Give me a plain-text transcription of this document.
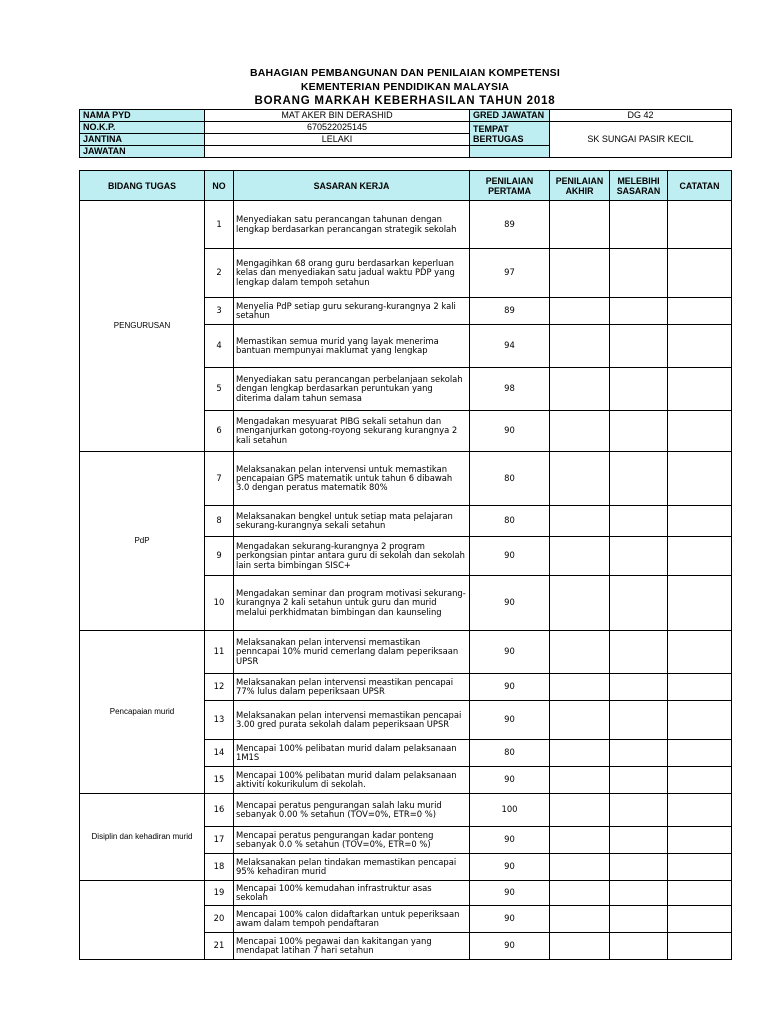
BAHAGIAN PEMBANGUNAN DAN PENILAIAN KOMPETENSI
KEMENTERIAN PENDIDIKAN MALAYSIA
BORANG MARKAH KEBERHASILAN TAHUN 2018
NAMA PYD	MAT AKER BIN DERASHID	GRED JAWATAN	DG 42
NO.K.P.	670522025145	TEMPAT BERTUGAS	SK SUNGAI PASIR KECIL
JANTINA	LELAKI		
JAWATAN			
BIDANG TUGAS	NO	SASARAN KERJA	PENILAIAN PERTAMA	PENILAIAN AKHIR	MELEBIHI SASARAN	CATATAN
PENGURUSAN	1	Menyediakan satu perancangan tahunan dengan lengkap berdasarkan perancangan strategik sekolah	89			
	2	Mengagihkan 68 orang guru berdasarkan keperluan kelas dan menyediakan satu jadual waktu PDP yang lengkap dalam tempoh setahun	97			
	3	Menyelia PdP setiap guru sekurang-kurangnya 2 kali setahun	89			
	4	Memastikan semua murid yang layak menerima bantuan mempunyai maklumat yang lengkap	94			
	5	Menyediakan satu perancangan perbelanjaan sekolah dengan lengkap berdasarkan peruntukan yang diterima dalam tahun semasa	98			
	6	Mengadakan mesyuarat PIBG sekali setahun dan menganjurkan gotong-royong sekurang kurangnya 2 kali setahun	90			
PdP	7	Melaksanakan pelan intervensi untuk memastikan pencapaian GPS matematik untuk tahun 6 dibawah 3.0 dengan peratus matematik 80%	80			
	8	Melaksanakan bengkel untuk setiap mata pelajaran sekurang-kurangnya sekali setahun	80			
	9	Mengadakan sekurang-kurangnya 2 program perkongsian pintar antara guru di sekolah dan sekolah lain serta bimbingan SISC+	90			
	10	Mengadakan seminar dan program motivasi sekurang-kurangnya 2 kali setahun untuk guru dan murid melalui perkhidmatan bimbingan dan kaunseling	90			
Pencapaian murid	11	Melaksanakan pelan intervensi memastikan penncapai 10% murid cemerlang dalam peperiksaan UPSR	90			
	12	Melaksanakan pelan intervensi meastikan pencapai 77% lulus dalam peperiksaan UPSR	90			
	13	Melaksanakan pelan intervensi memastikan pencapai 3.00 gred purata sekolah dalam peperiksaan UPSR	90			
	14	Mencapai 100% pelibatan murid dalam pelaksanaan 1M1S	80			
	15	Mencapai 100% pelibatan murid dalam pelaksanaan aktiviti kokurikulum di sekolah.	90			
Disiplin dan kehadiran murid	16	Mencapai peratus pengurangan salah laku murid sebanyak 0.00 % setahun (TOV=0%, ETR=0 %)	100			
	17	Mencapai peratus pengurangan kadar ponteng sebanyak 0.0 % setahun (TOV=0%, ETR=0 %)	90			
	18	Melaksanakan pelan tindakan memastikan pencapai 95% kehadiran murid	90			
	19	Mencapai 100% kemudahan infrastruktur asas sekolah	90			
	20	Mencapai 100% calon didaftarkan untuk peperiksaan awam dalam tempoh pendaftaran	90			
	21	Mencapai 100% pegawai dan kakitangan yang mendapat latihan 7 hari setahun	90			
